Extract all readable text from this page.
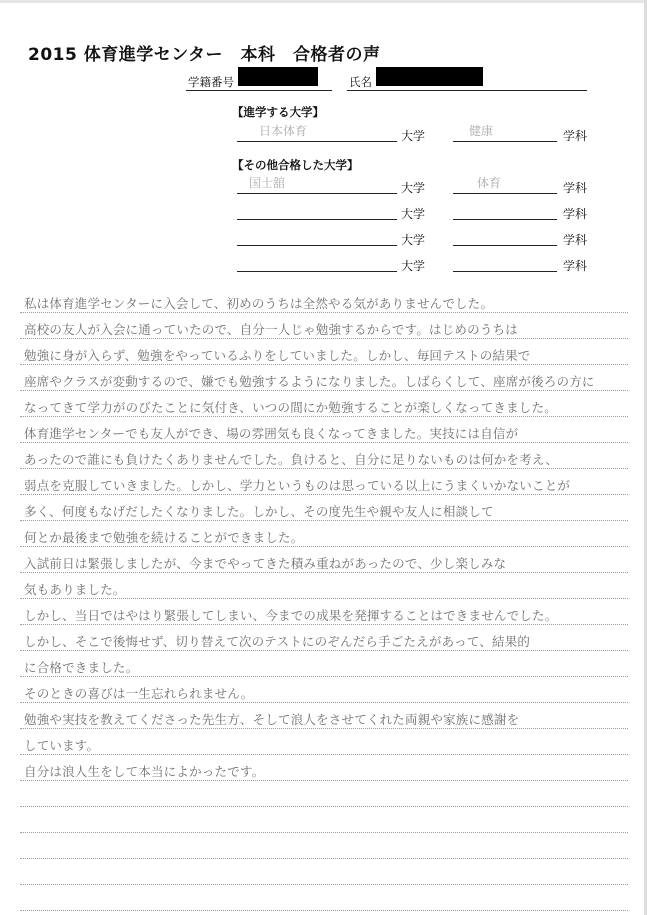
2015 体育進学センター　本科　合格者の声
学籍番号	氏名
【進学する大学】
日本体育	大学	健康	学科
【その他合格した大学】
国士舘	大学	体育	学科
大学	学科
大学	学科
大学	学科
私は体育進学センターに入会して、初めのうちは全然やる気がありませんでした。
高校の友人が入会に通っていたので、自分一人じゃ勉強するからです。はじめのうちは
勉強に身が入らず、勉強をやっているふりをしていました。しかし、毎回テストの結果で
座席やクラスが変動するので、嫌でも勉強するようになりました。しばらくして、座席が後ろの方に
なってきて学力がのびたことに気付き、いつの間にか勉強することが楽しくなってきました。
体育進学センターでも友人ができ、場の雰囲気も良くなってきました。実技には自信が
あったので誰にも負けたくありませんでした。負けると、自分に足りないものは何かを考え、
弱点を克服していきました。しかし、学力というものは思っている以上にうまくいかないことが
多く、何度もなげだしたくなりました。しかし、その度先生や親や友人に相談して
何とか最後まで勉強を続けることができました。
入試前日は緊張しましたが、今までやってきた積み重ねがあったので、少し楽しみな
気もありました。
しかし、当日ではやはり緊張してしまい、今までの成果を発揮することはできませんでした。
しかし、そこで後悔せず、切り替えて次のテストにのぞんだら手ごたえがあって、結果的
に合格できました。
そのときの喜びは一生忘れられません。
勉強や実技を教えてくださった先生方、そして浪人をさせてくれた両親や家族に感謝を
しています。
自分は浪人生をして本当によかったです。
